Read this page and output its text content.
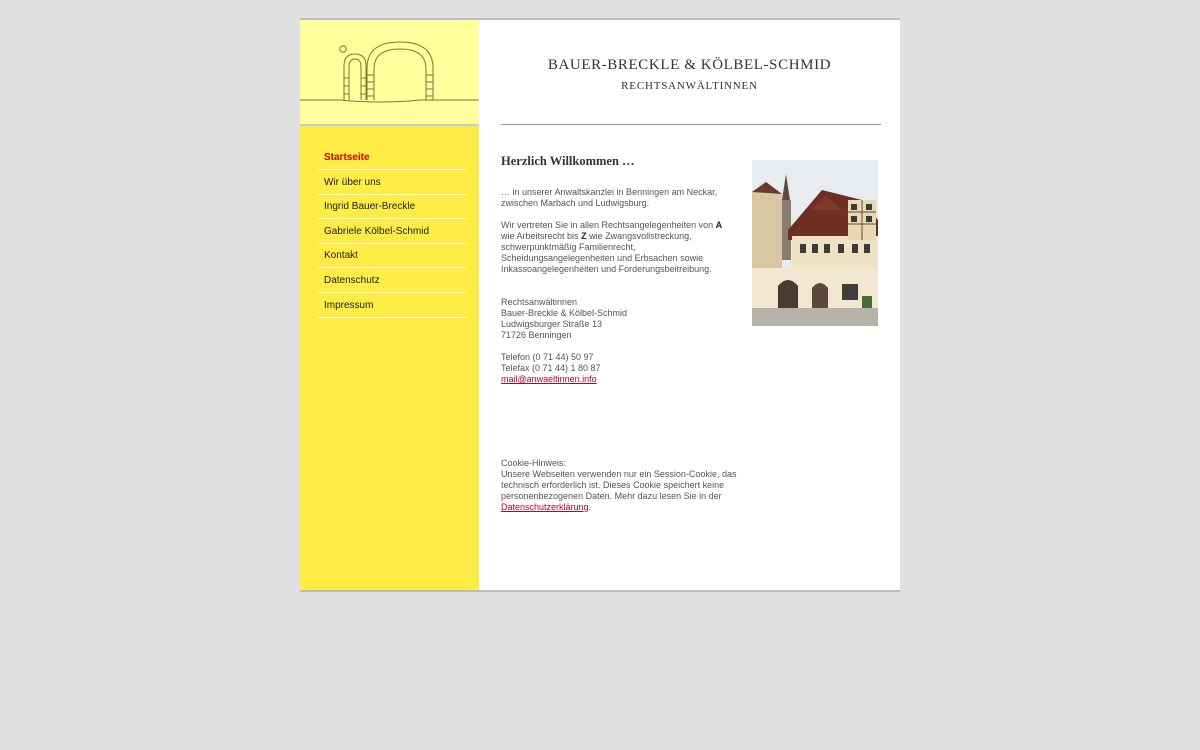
Startseite
Wir über uns
Ingrid Bauer-Breckle
Gabriele Kölbel-Schmid
Kontakt
Datenschutz
Impressum
BAUER-BRECKLE & KÖLBEL-SCHMID
RECHTSANWÄLTINNEN
Herzlich Willkommen …

… in unserer Anwaltskanzlei in Benningen am Neckar,
zwischen Marbach und Ludwigsburg.

Wir vertreten Sie in allen Rechtsangelegenheiten von A
wie Arbeitsrecht bis Z wie Zwangsvollstreckung,
schwerpunktmäßig Familienrecht,
Scheidungsangelegenheiten und Erbsachen sowie
Inkassoangelegenheiten und Forderungsbeitreibung.

Rechtsanwältinnen
Bauer-Breckle & Kölbel-Schmid
Ludwigsburger Straße 13
71726 Benningen

Telefon (0 71 44) 50 97
Telefax (0 71 44) 1 80 87
mail@anwaeltinnen.info

Cookie-Hinweis:
Unsere Webseiten verwenden nur ein Session-Cookie, das
technisch erforderlich ist. Dieses Cookie speichert keine
personenbezogenen Daten. Mehr dazu lesen Sie in der
Datenschutzerklärung.
